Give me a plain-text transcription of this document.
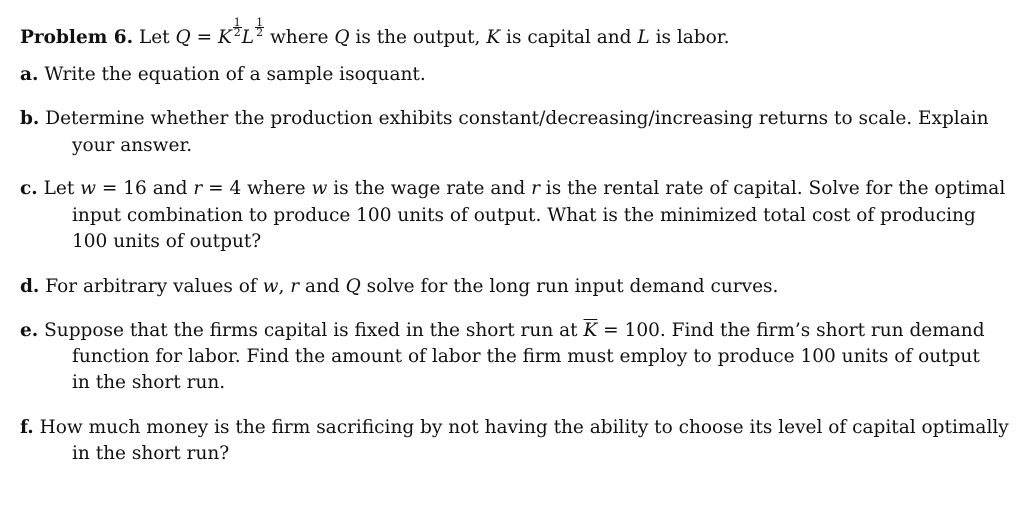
Problem 6. Let Q = K $\frac{1}{2}$ L $\frac{1}{2}$ where Q is the output, K is capital and L is labor.
a. Write the equation of a sample isoquant.
b. Determine whether the production exhibits constant/decreasing/increasing returns to scale. Explain
your answer.
c. Let w = 16 and r = 4 where w is the wage rate and r is the rental rate of capital. Solve for the optimal
input combination to produce 100 units of output. What is the minimized total cost of producing
100 units of output?
d. For arbitrary values of w, r and Q solve for the long run input demand curves.
e. Suppose that the firms capital is fixed in the short run at $\overline{K} = 100$. Find the firm’s short run demand
function for labor. Find the amount of labor the firm must employ to produce 100 units of output
in the short run.
f. How much money is the firm sacrificing by not having the ability to choose its level of capital optimally
in the short run?
